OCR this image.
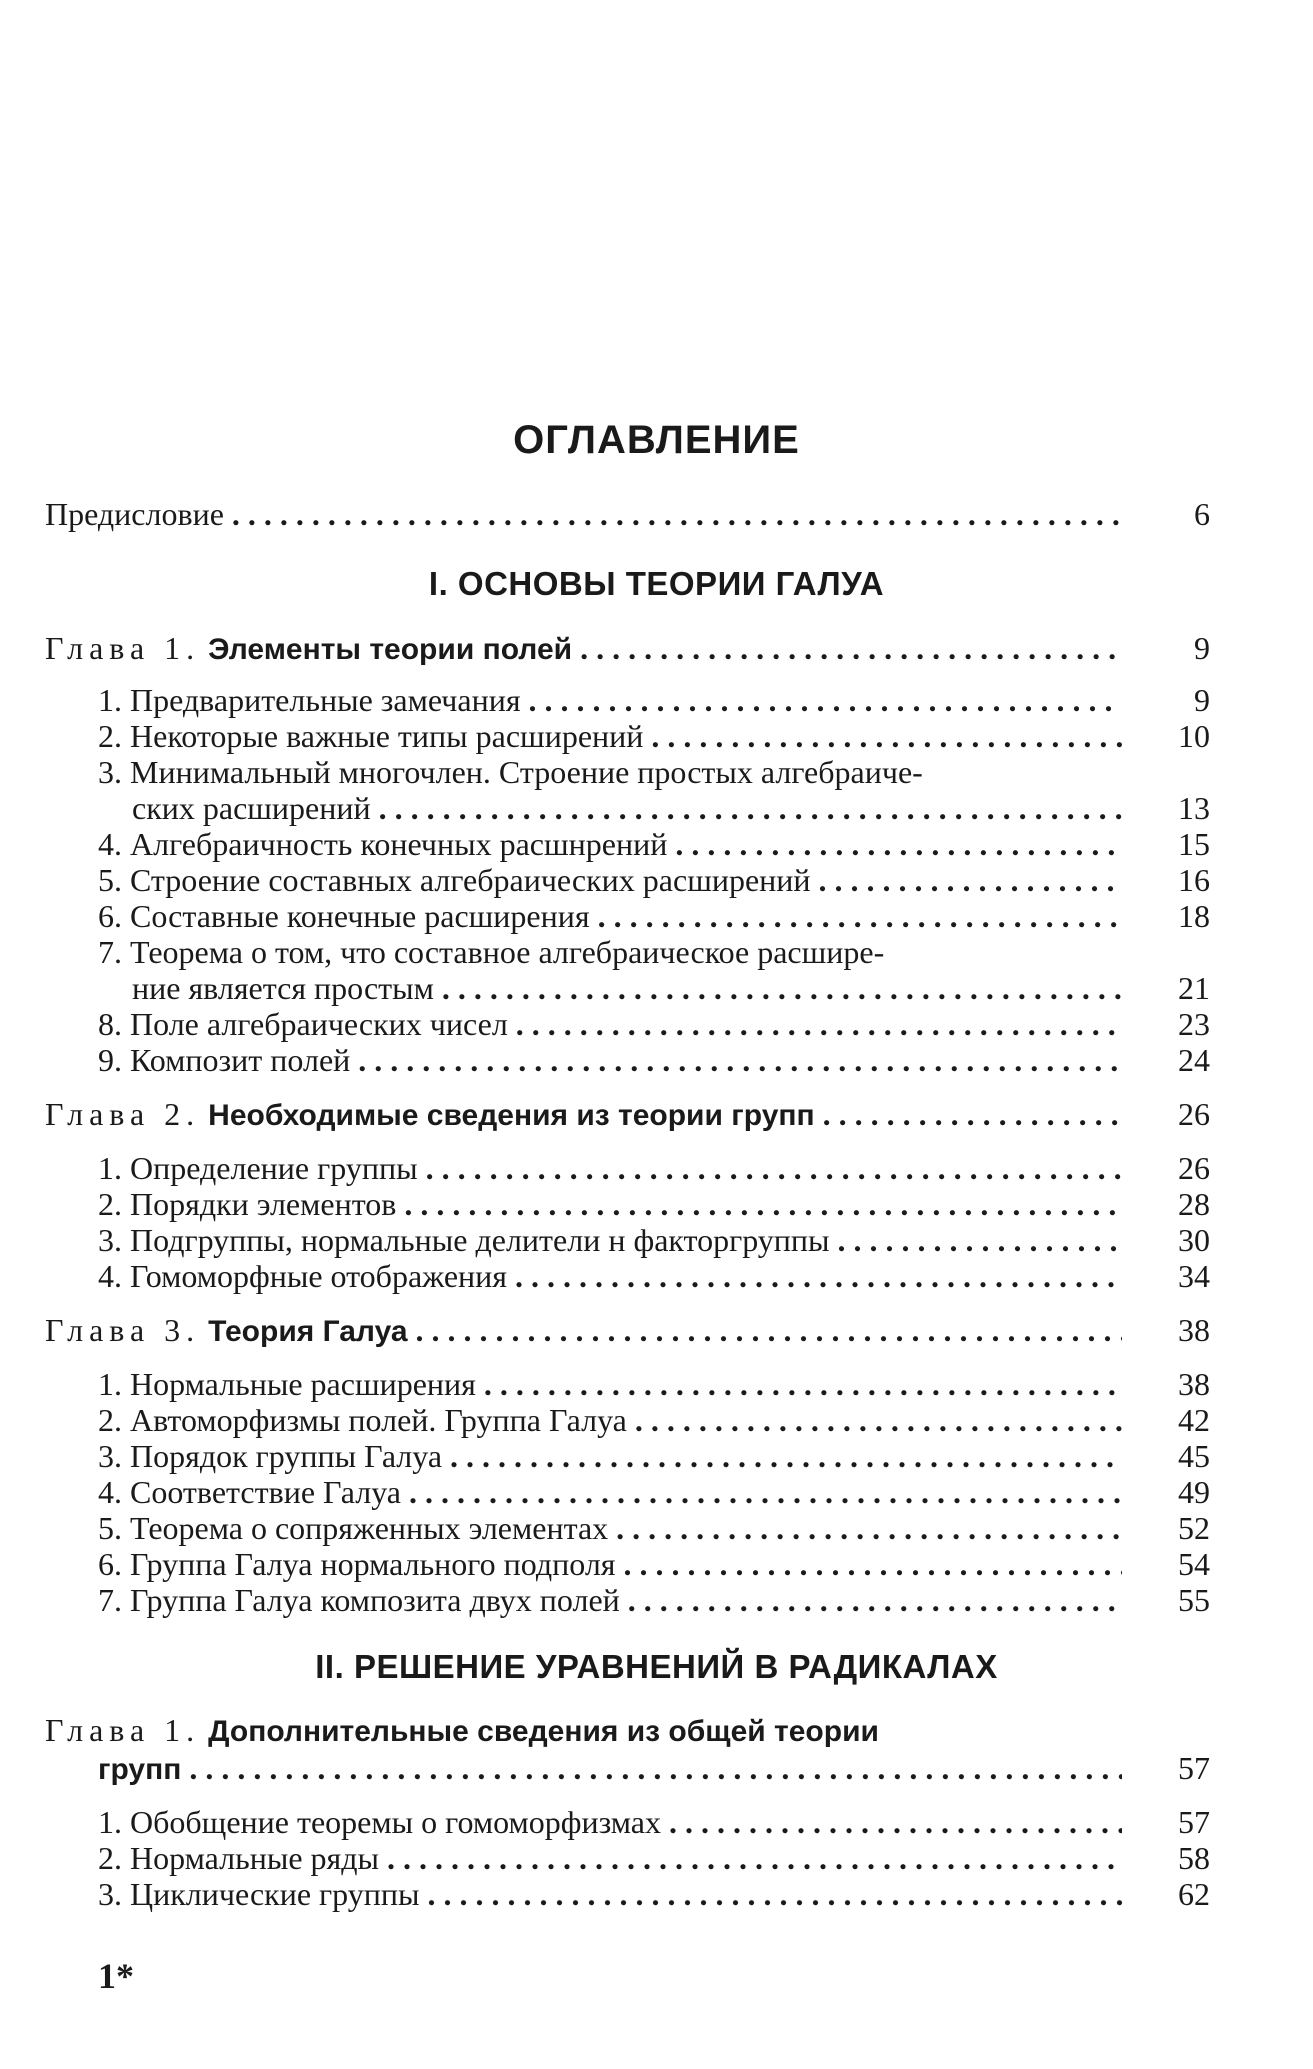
ОГЛАВЛЕНИЕ
Предисловие . . .	6
I. ОСНОВЫ ТЕОРИИ ГАЛУА
Глава 1. Элементы теории полей . . .	9
1. Предварительные замечания . . .	9
2. Некоторые важные типы расширений . . .	10
3. Минимальный многочлен. Строение простых алгебраиче-
ских расширений . . .	13
4. Алгебраичность конечных расшнрений . . .	15
5. Строение составных алгебраических расширений . . .	16
6. Составные конечные расширения . . .	18
7. Теорема о том, что составное алгебраическое расшире-
ние является простым . . .	21
8. Поле алгебраических чисел . . .	23
9. Композит полей . . .	24
Глава 2. Необходимые сведения из теории групп . . .	26
1. Определение группы . . .	26
2. Порядки элементов . . .	28
3. Подгруппы, нормальные делители н факторгруппы . . .	30
4. Гомоморфные отображения . . .	34
Глава 3. Теория Галуа . . .	38
1. Нормальные расширения . . .	38
2. Автоморфизмы полей. Группа Галуа . . .	42
3. Порядок группы Галуа . . .	45
4. Соответствие Галуа . . .	49
5. Теорема о сопряженных элементах . . .	52
6. Группа Галуа нормального подполя . . .	54
7. Группа Галуа композита двух полей . . .	55
II. РЕШЕНИЕ УРАВНЕНИЙ В РАДИКАЛАХ
Глава 1. Дополнительные сведения из общей теории
групп . . .	57
1. Обобщение теоремы о гомоморфизмах . . .	57
2. Нормальные ряды . . .	58
3. Циклические группы . . .	62
1*
